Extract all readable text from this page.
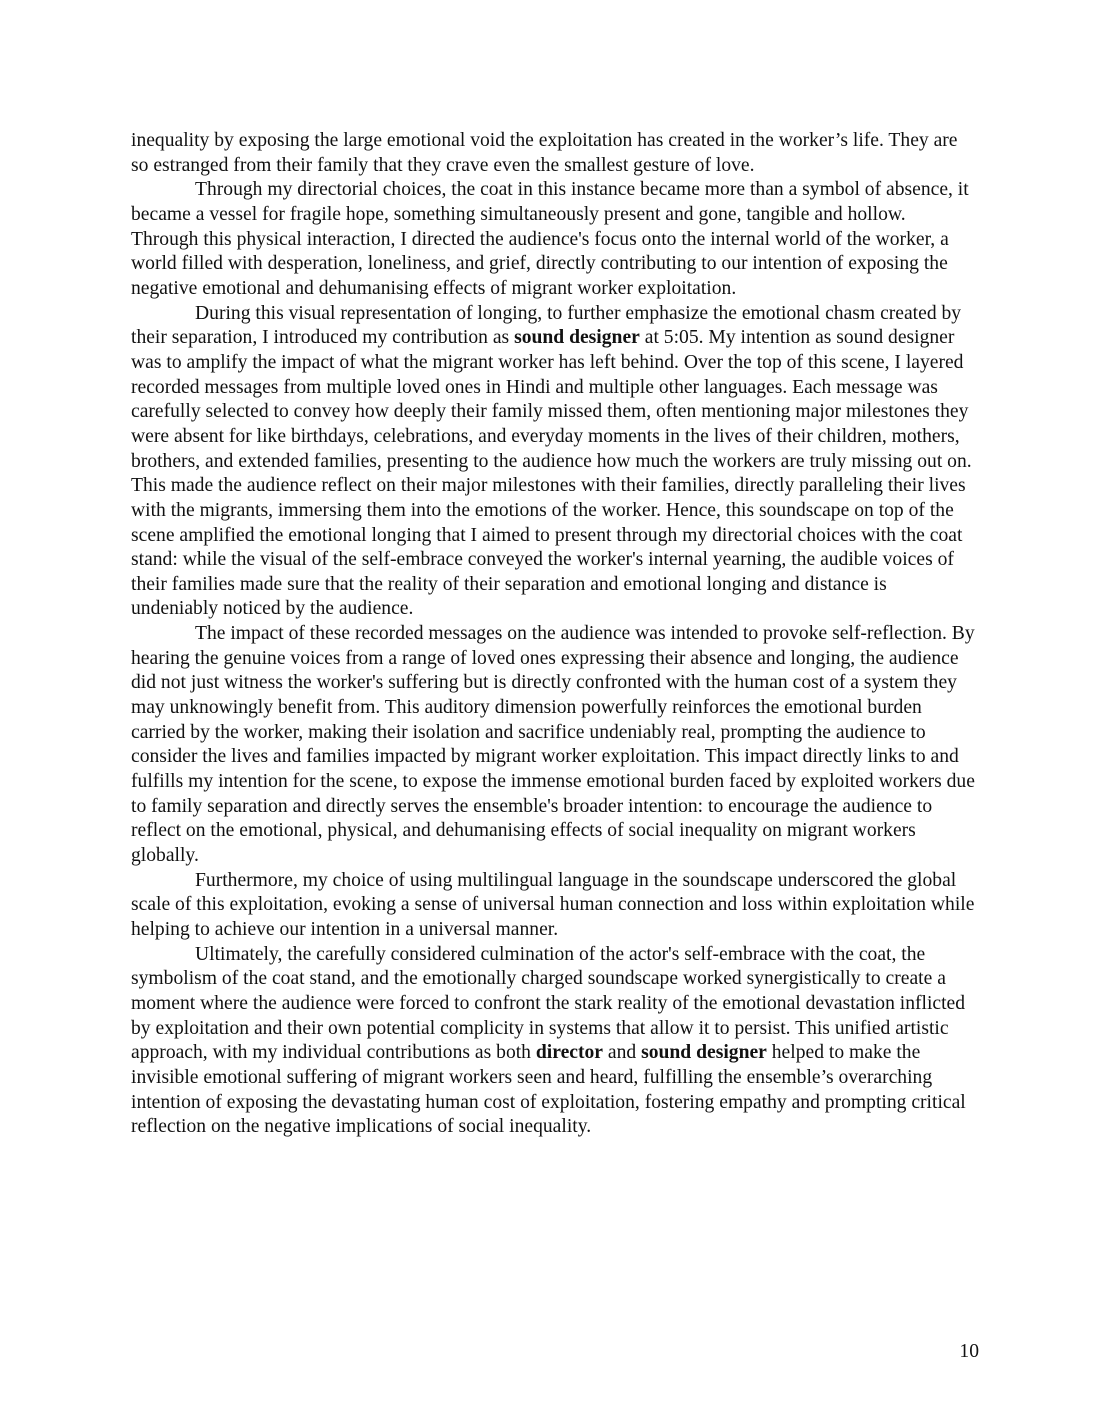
inequality by exposing the large emotional void the exploitation has created in the worker’s life. They are so estranged from their family that they crave even the smallest gesture of love.

Through my directorial choices, the coat in this instance became more than a symbol of absence, it became a vessel for fragile hope, something simultaneously present and gone, tangible and hollow. Through this physical interaction, I directed the audience's focus onto the internal world of the worker, a world filled with desperation, loneliness, and grief, directly contributing to our intention of exposing the negative emotional and dehumanising effects of migrant worker exploitation.

During this visual representation of longing, to further emphasize the emotional chasm created by their separation, I introduced my contribution as sound designer at 5:05. My intention as sound designer was to amplify the impact of what the migrant worker has left behind. Over the top of this scene, I layered recorded messages from multiple loved ones in Hindi and multiple other languages. Each message was carefully selected to convey how deeply their family missed them, often mentioning major milestones they were absent for like birthdays, celebrations, and everyday moments in the lives of their children, mothers, brothers, and extended families, presenting to the audience how much the workers are truly missing out on. This made the audience reflect on their major milestones with their families, directly paralleling their lives with the migrants, immersing them into the emotions of the worker. Hence, this soundscape on top of the scene amplified the emotional longing that I aimed to present through my directorial choices with the coat stand: while the visual of the self-embrace conveyed the worker's internal yearning, the audible voices of their families made sure that the reality of their separation and emotional longing and distance is undeniably noticed by the audience.

The impact of these recorded messages on the audience was intended to provoke self-reflection. By hearing the genuine voices from a range of loved ones expressing their absence and longing, the audience did not just witness the worker's suffering but is directly confronted with the human cost of a system they may unknowingly benefit from. This auditory dimension powerfully reinforces the emotional burden carried by the worker, making their isolation and sacrifice undeniably real, prompting the audience to consider the lives and families impacted by migrant worker exploitation. This impact directly links to and fulfills my intention for the scene, to expose the immense emotional burden faced by exploited workers due to family separation and directly serves the ensemble's broader intention: to encourage the audience to reflect on the emotional, physical, and dehumanising effects of social inequality on migrant workers globally.

Furthermore, my choice of using multilingual language in the soundscape underscored the global scale of this exploitation, evoking a sense of universal human connection and loss within exploitation while helping to achieve our intention in a universal manner.

Ultimately, the carefully considered culmination of the actor's self-embrace with the coat, the symbolism of the coat stand, and the emotionally charged soundscape worked synergistically to create a moment where the audience were forced to confront the stark reality of the emotional devastation inflicted by exploitation and their own potential complicity in systems that allow it to persist. This unified artistic approach, with my individual contributions as both director and sound designer helped to make the invisible emotional suffering of migrant workers seen and heard, fulfilling the ensemble’s overarching intention of exposing the devastating human cost of exploitation, fostering empathy and prompting critical reflection on the negative implications of social inequality.

10
